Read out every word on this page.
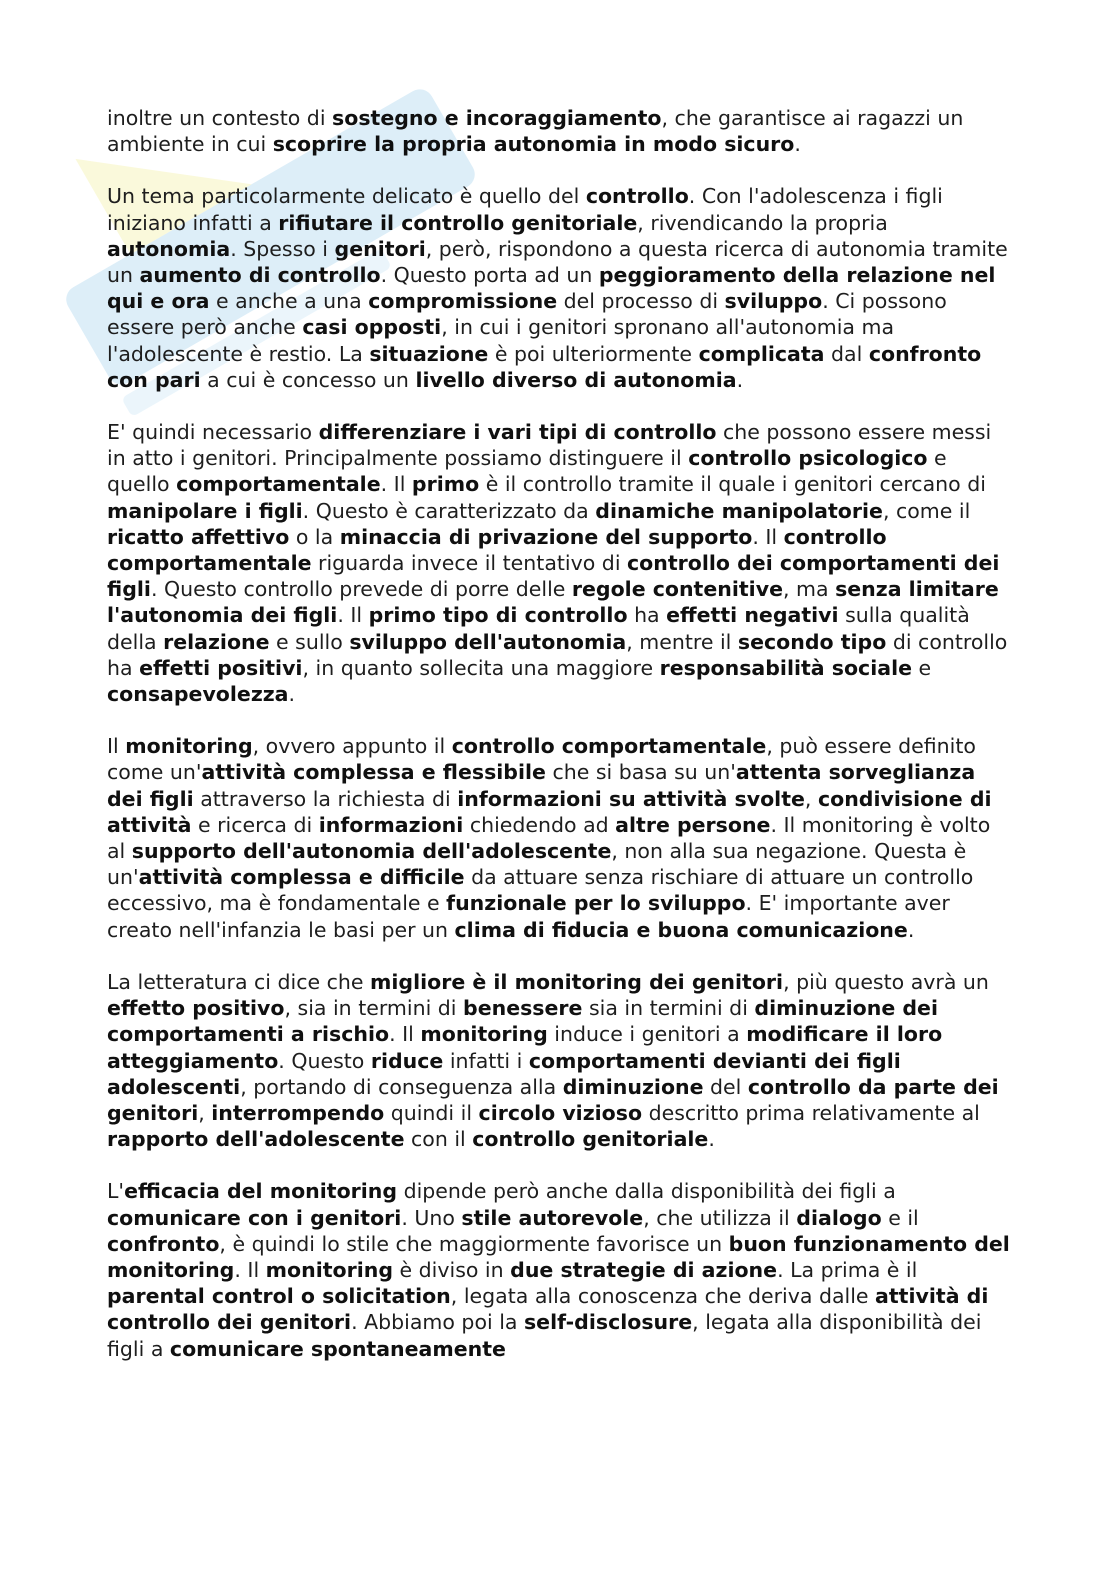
inoltre un contesto di sostegno e incoraggiamento, che garantisce ai ragazzi un ambiente in cui scoprire la propria autonomia in modo sicuro.

Un tema particolarmente delicato è quello del controllo. Con l'adolescenza i figli iniziano infatti a rifiutare il controllo genitoriale, rivendicando la propria autonomia. Spesso i genitori, però, rispondono a questa ricerca di autonomia tramite un aumento di controllo. Questo porta ad un peggioramento della relazione nel qui e ora e anche a una compromissione del processo di sviluppo. Ci possono essere però anche casi opposti, in cui i genitori spronano all'autonomia ma l'adolescente è restio. La situazione è poi ulteriormente complicata dal confronto con pari a cui è concesso un livello diverso di autonomia.

E' quindi necessario differenziare i vari tipi di controllo che possono essere messi in atto i genitori. Principalmente possiamo distinguere il controllo psicologico e quello comportamentale. Il primo è il controllo tramite il quale i genitori cercano di manipolare i figli. Questo è caratterizzato da dinamiche manipolatorie, come il ricatto affettivo o la minaccia di privazione del supporto. Il controllo comportamentale riguarda invece il tentativo di controllo dei comportamenti dei figli. Questo controllo prevede di porre delle regole contenitive, ma senza limitare l'autonomia dei figli. Il primo tipo di controllo ha effetti negativi sulla qualità della relazione e sullo sviluppo dell'autonomia, mentre il secondo tipo di controllo ha effetti positivi, in quanto sollecita una maggiore responsabilità sociale e consapevolezza.

Il monitoring, ovvero appunto il controllo comportamentale, può essere definito come un'attività complessa e flessibile che si basa su un'attenta sorveglianza dei figli attraverso la richiesta di informazioni su attività svolte, condivisione di attività e ricerca di informazioni chiedendo ad altre persone. Il monitoring è volto al supporto dell'autonomia dell'adolescente, non alla sua negazione. Questa è un'attività complessa e difficile da attuare senza rischiare di attuare un controllo eccessivo, ma è fondamentale e funzionale per lo sviluppo. E' importante aver creato nell'infanzia le basi per un clima di fiducia e buona comunicazione.

La letteratura ci dice che migliore è il monitoring dei genitori, più questo avrà un effetto positivo, sia in termini di benessere sia in termini di diminuzione dei comportamenti a rischio. Il monitoring induce i genitori a modificare il loro atteggiamento. Questo riduce infatti i comportamenti devianti dei figli adolescenti, portando di conseguenza alla diminuzione del controllo da parte dei genitori, interrompendo quindi il circolo vizioso descritto prima relativamente al rapporto dell'adolescente con il controllo genitoriale.

L'efficacia del monitoring dipende però anche dalla disponibilità dei figli a comunicare con i genitori. Uno stile autorevole, che utilizza il dialogo e il confronto, è quindi lo stile che maggiormente favorisce un buon funzionamento del monitoring. Il monitoring è diviso in due strategie di azione. La prima è il parental control o solicitation, legata alla conoscenza che deriva dalle attività di controllo dei genitori. Abbiamo poi la self-disclosure, legata alla disponibilità dei figli a comunicare spontaneamente
